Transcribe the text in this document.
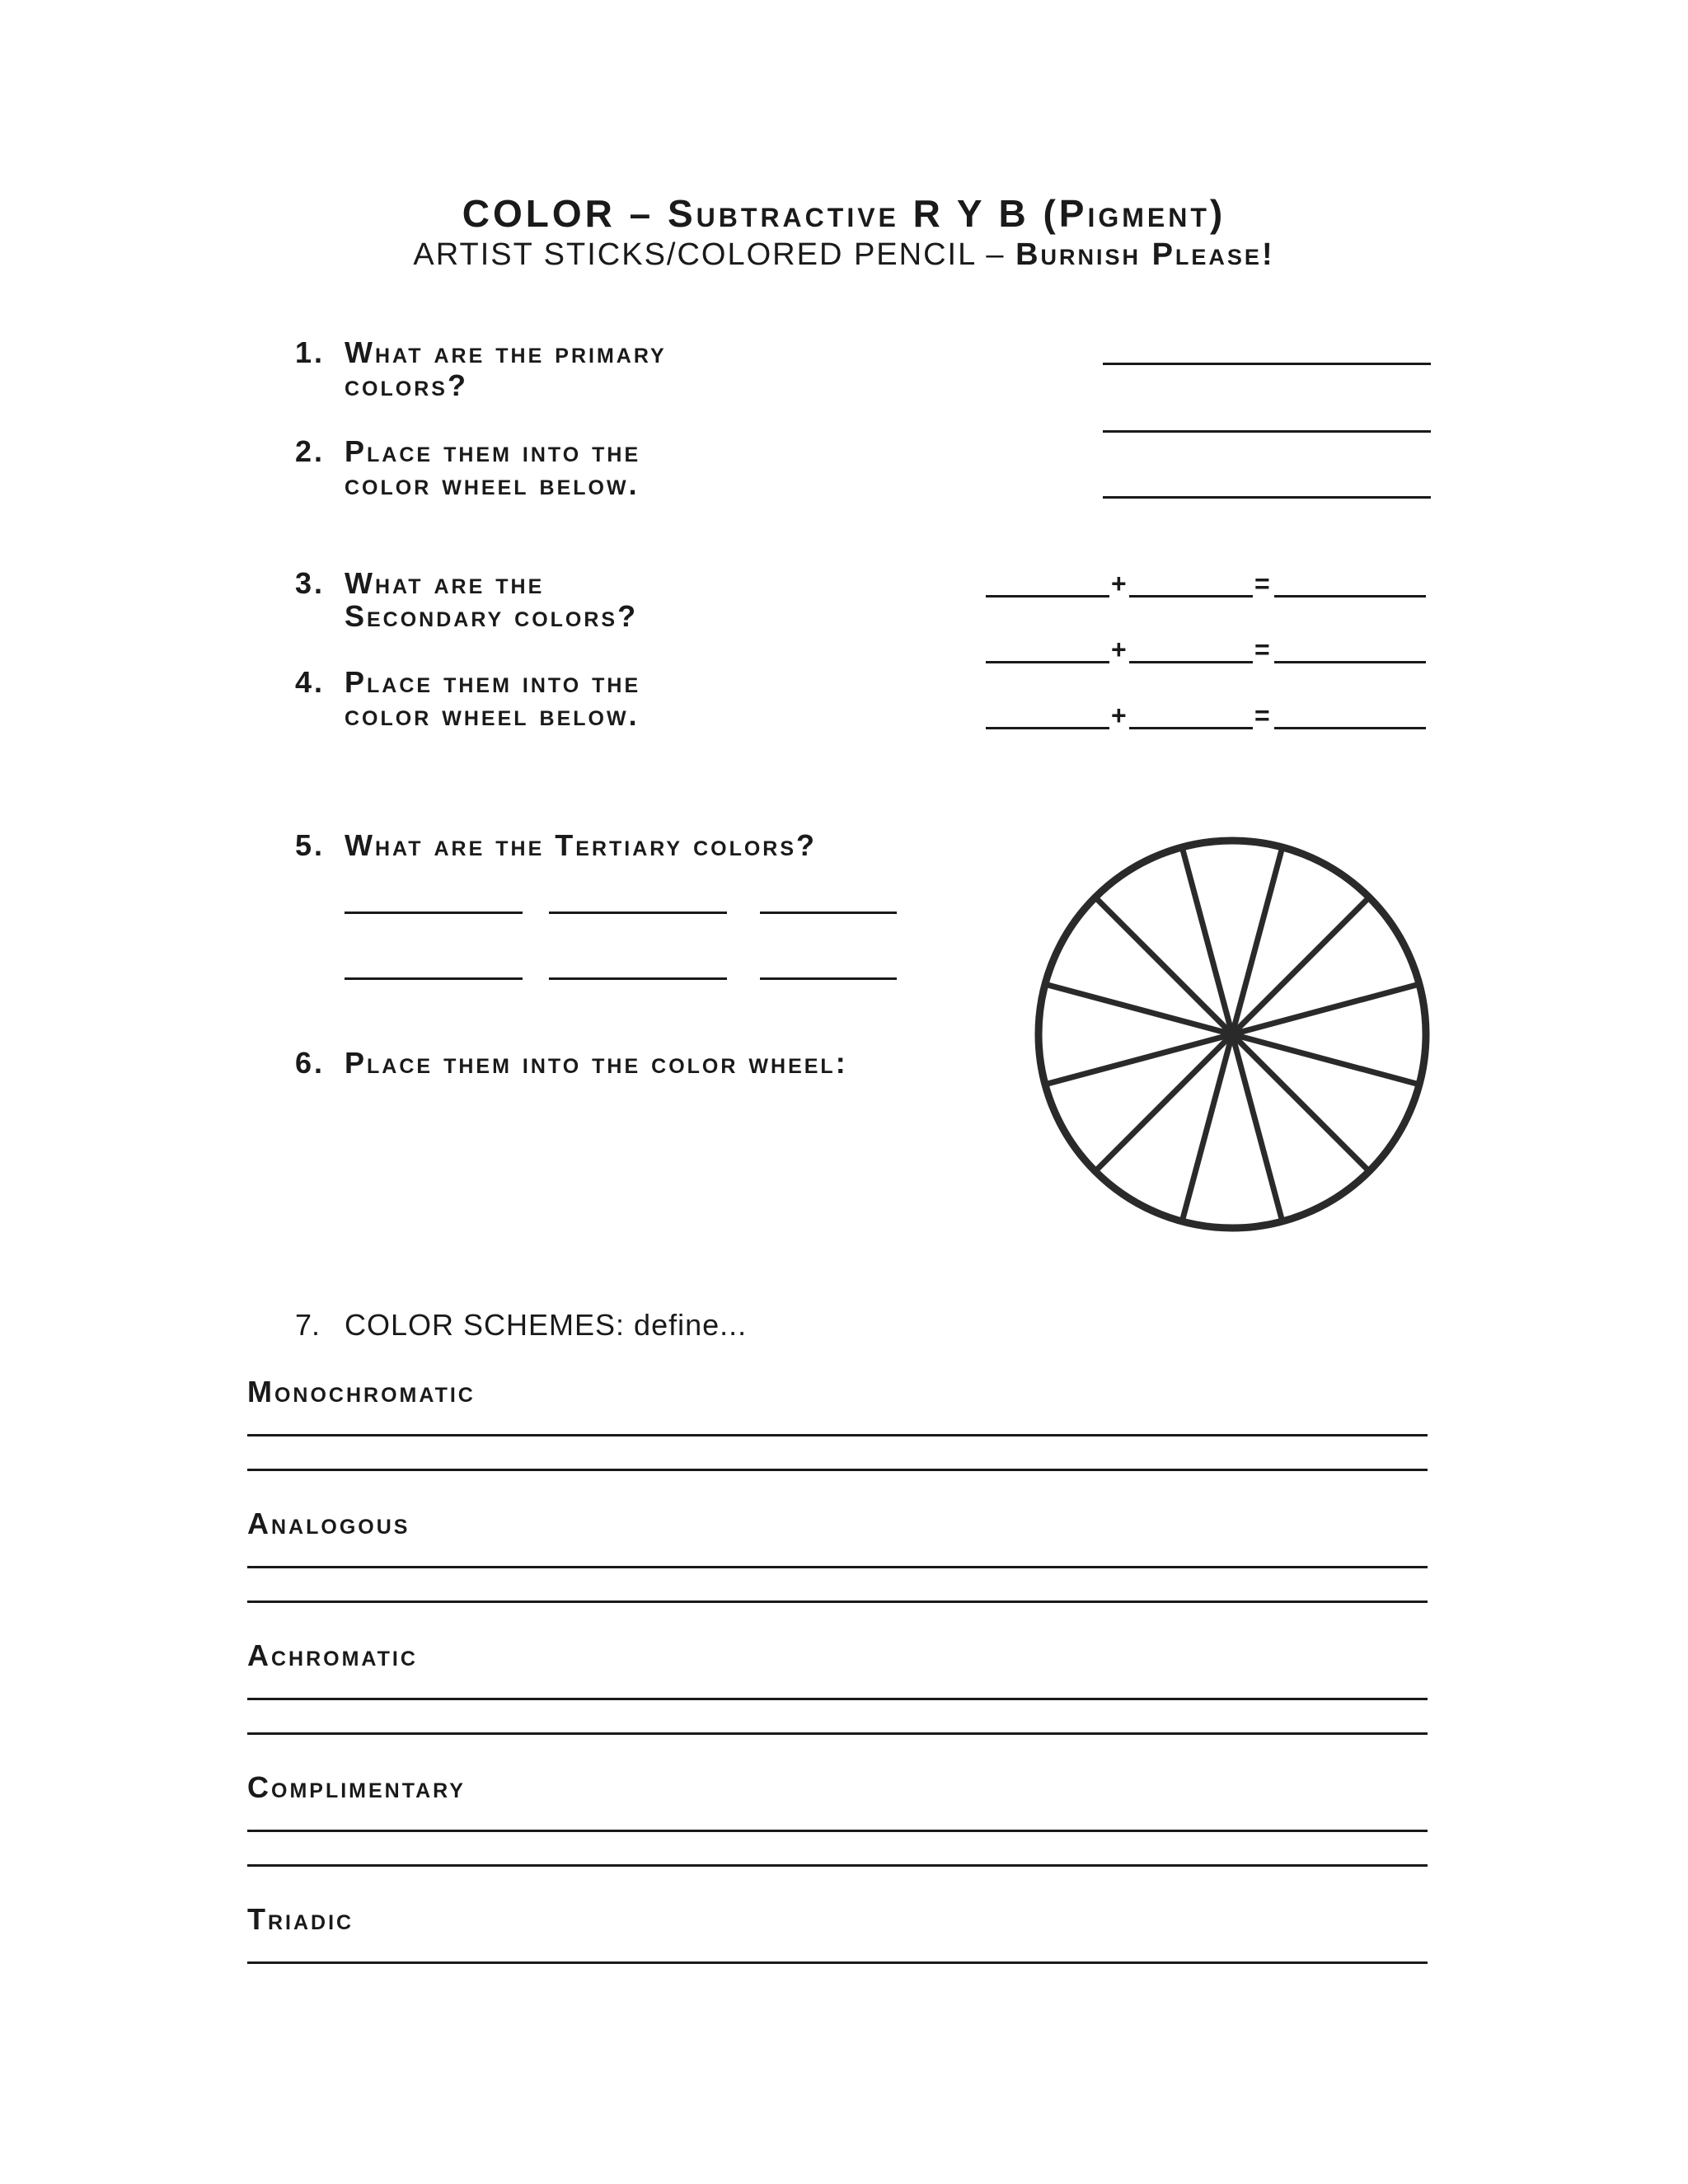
COLOR – Subtractive R Y B (Pigment)
ARTIST STICKS/COLORED PENCIL – Burnish Please!
1. What are the primary
colors?
2. Place them into the
color wheel below.
3. What are the
Secondary colors?
4. Place them into the
color wheel below.
+	=
+	=
+	=
5. What are the Tertiary colors?
6. Place them into the color wheel:
7. COLOR SCHEMES: define...
Monochromatic
Analogous
Achromatic
Complimentary
Triadic
